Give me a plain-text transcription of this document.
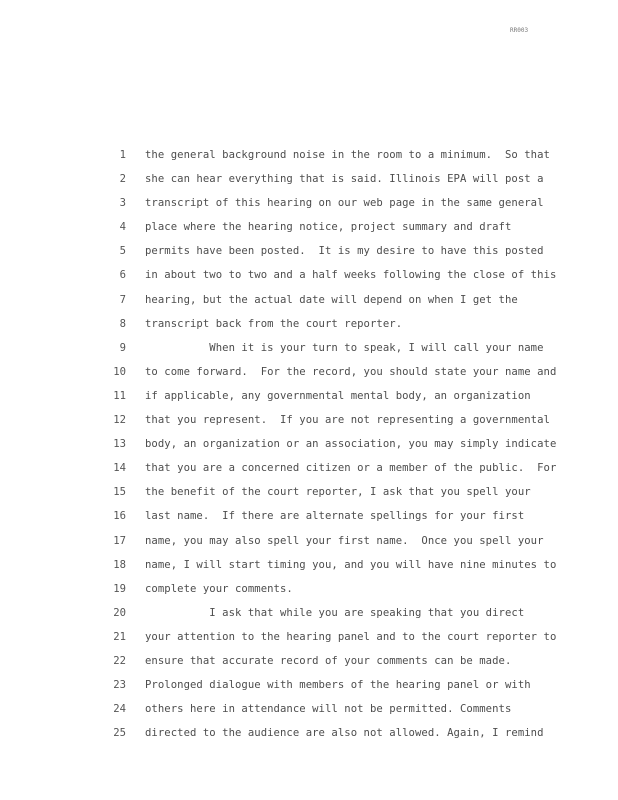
RR003
1 the general background noise in the room to a minimum.  So that
2 she can hear everything that is said. Illinois EPA will post a
3 transcript of this hearing on our web page in the same general
4 place where the hearing notice, project summary and draft
5 permits have been posted.  It is my desire to have this posted
6 in about two to two and a half weeks following the close of this
7 hearing, but the actual date will depend on when I get the
8 transcript back from the court reporter.
9 When it is your turn to speak, I will call your name
10 to come forward.  For the record, you should state your name and
11 if applicable, any governmental mental body, an organization
12 that you represent.  If you are not representing a governmental
13 body, an organization or an association, you may simply indicate
14 that you are a concerned citizen or a member of the public.  For
15 the benefit of the court reporter, I ask that you spell your
16 last name.  If there are alternate spellings for your first
17 name, you may also spell your first name.  Once you spell your
18 name, I will start timing you, and you will have nine minutes to
19 complete your comments.
20 I ask that while you are speaking that you direct
21 your attention to the hearing panel and to the court reporter to
22 ensure that accurate record of your comments can be made.
23 Prolonged dialogue with members of the hearing panel or with
24 others here in attendance will not be permitted. Comments
25 directed to the audience are also not allowed. Again, I remind
